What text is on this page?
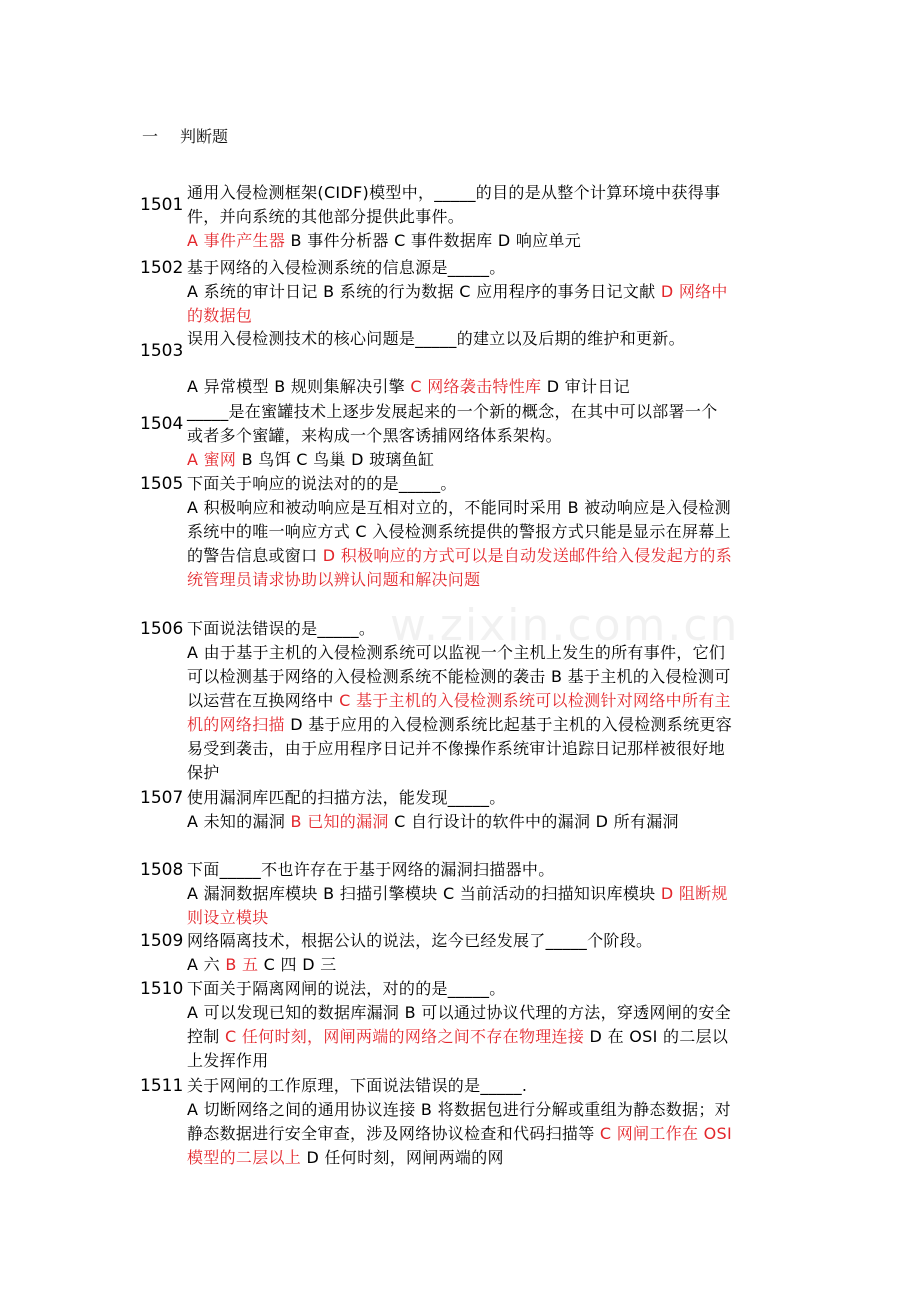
一 判断题
w.zixin.com.cn
1501
通用入侵检测框架(CIDF)模型中，_____的目的是从整个计算环境中获得事件，并向系统的其他部分提供此事件。
A 事件产生器 B 事件分析器 C 事件数据库 D 响应单元
1502 基于网络的入侵检测系统的信息源是_____。
A 系统的审计日记 B 系统的行为数据 C 应用程序的事务日记文献 D 网络中的数据包
1503
误用入侵检测技术的核心问题是_____的建立以及后期的维护和更新。
A 异常模型 B 规则集解决引擎 C 网络袭击特性库 D 审计日记
1504
_____是在蜜罐技术上逐步发展起来的一个新的概念，在其中可以部署一个或者多个蜜罐，来构成一个黑客诱捕网络体系架构。
A 蜜网 B 鸟饵 C 鸟巢 D 玻璃鱼缸
1505 下面关于响应的说法对的的是_____。
A 积极响应和被动响应是互相对立的，不能同时采用 B 被动响应是入侵检测系统中的唯一响应方式 C 入侵检测系统提供的警报方式只能是显示在屏幕上的警告信息或窗口 D 积极响应的方式可以是自动发送邮件给入侵发起方的系统管理员请求协助以辨认问题和解决问题
1506 下面说法错误的是_____。
A 由于基于主机的入侵检测系统可以监视一个主机上发生的所有事件，它们可以检测基于网络的入侵检测系统不能检测的袭击 B 基于主机的入侵检测可以运营在互换网络中 C 基于主机的入侵检测系统可以检测针对网络中所有主机的网络扫描 D 基于应用的入侵检测系统比起基于主机的入侵检测系统更容易受到袭击，由于应用程序日记并不像操作系统审计追踪日记那样被很好地保护
1507 使用漏洞库匹配的扫描方法，能发现_____。
A 未知的漏洞 B 已知的漏洞 C 自行设计的软件中的漏洞 D 所有漏洞
1508 下面_____不也许存在于基于网络的漏洞扫描器中。
A 漏洞数据库模块 B 扫描引擎模块 C 当前活动的扫描知识库模块 D 阻断规则设立模块
1509 网络隔离技术，根据公认的说法，迄今已经发展了_____个阶段。
A 六 B 五 C 四 D 三
1510 下面关于隔离网闸的说法，对的的是_____。
A 可以发现已知的数据库漏洞 B 可以通过协议代理的方法，穿透网闸的安全控制 C 任何时刻，网闸两端的网络之间不存在物理连接 D 在 OSI 的二层以上发挥作用
1511 关于网闸的工作原理，下面说法错误的是_____.
A 切断网络之间的通用协议连接 B 将数据包进行分解或重组为静态数据；对静态数据进行安全审查，涉及网络协议检查和代码扫描等 C 网闸工作在 OSI 模型的二层以上 D 任何时刻，网闸两端的网
